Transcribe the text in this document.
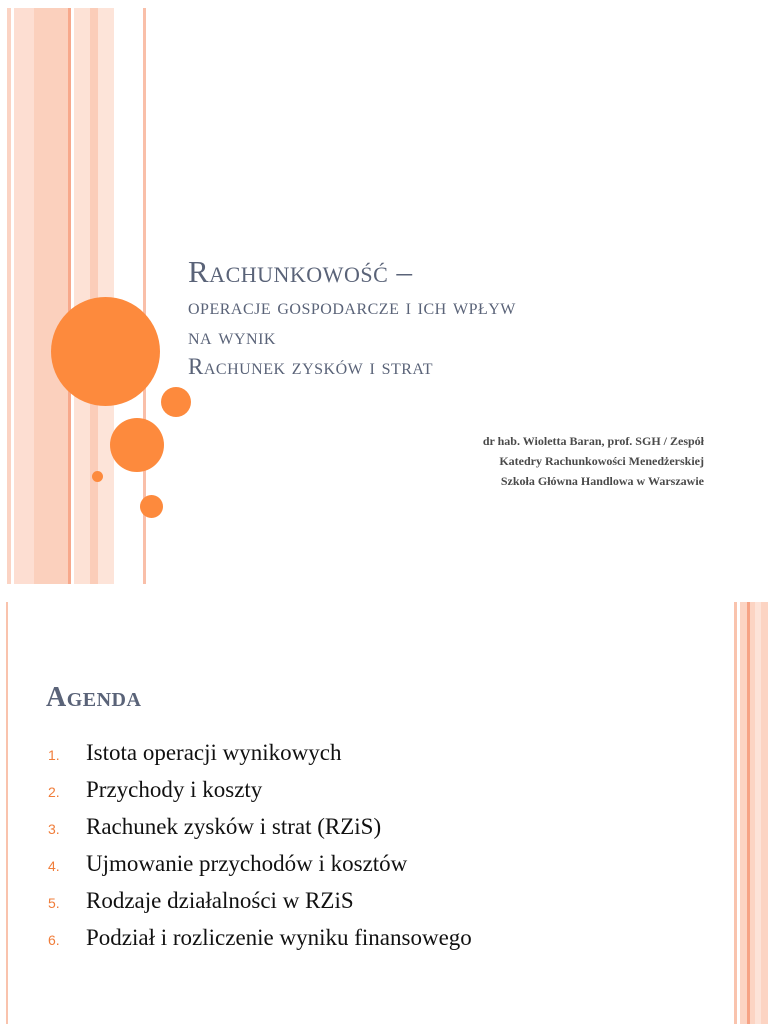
Rachunkowość –
operacje gospodarcze i ich wpływ
na wynik
Rachunek zysków i strat
dr hab. Wioletta Baran, prof. SGH / Zespół
Katedry Rachunkowości Menedżerskiej
Szkoła Główna Handlowa w Warszawie
Agenda
1.	Istota operacji wynikowych
2.	Przychody i koszty
3.	Rachunek zysków i strat (RZiS)
4.	Ujmowanie przychodów i kosztów
5.	Rodzaje działalności w RZiS
6.	Podział i rozliczenie wyniku finansowego
